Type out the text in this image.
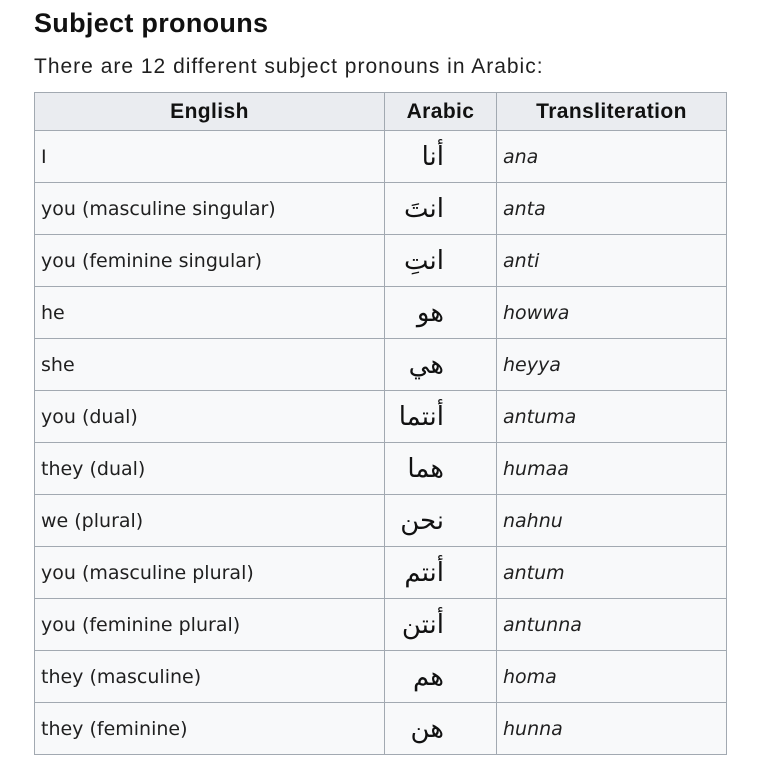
Subject pronouns

There are 12 different subject pronouns in Arabic:

English	Arabic	Transliteration
I	أنا	ana
you (masculine singular)	انتَ	anta
you (feminine singular)	انتِ	anti
he	هو	howwa
she	هي	heyya
you (dual)	أنتما	antuma
they (dual)	هما	humaa
we (plural)	نحن	nahnu
you (masculine plural)	أنتم	antum
you (feminine plural)	أنتن	antunna
they (masculine)	هم	homa
they (feminine)	هن	hunna
